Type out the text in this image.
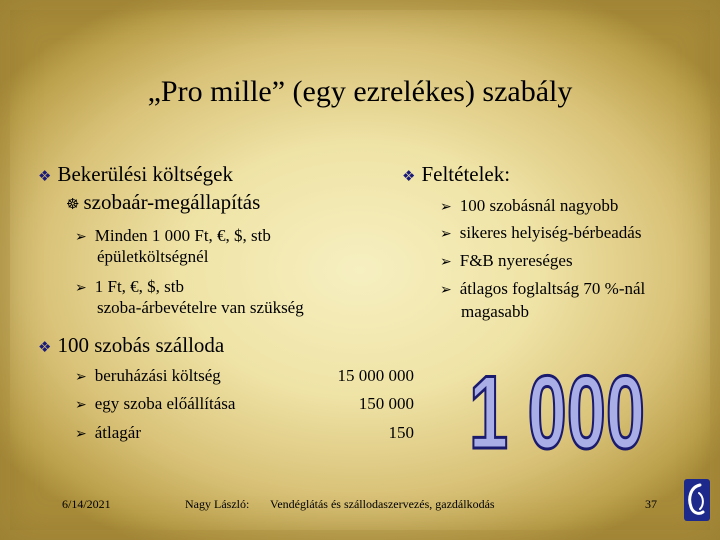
„Pro mille” (egy ezrelékes) szabály
❖ Bekerülési költségek
☸ szobaár-megállapítás
➢ Minden 1 000 Ft, €, $, stb
épületköltségnél
➢ 1 Ft, €, $, stb
szoba-árbevételre van szükség
❖ Feltételek:
➢ 100 szobásnál nagyobb
➢ sikeres helyiség-bérbeadás
➢ F&B nyereséges
➢ átlagos foglaltság 70 %-nál
magasabb
❖ 100 szobás szálloda
➢ beruházási költség	15 000 000
➢ egy szoba előállítása	150 000
➢ átlagár	150 1 000
6/14/2021	Nagy László: Vendéglátás és szállodaszervezés, gazdálkodás	37
